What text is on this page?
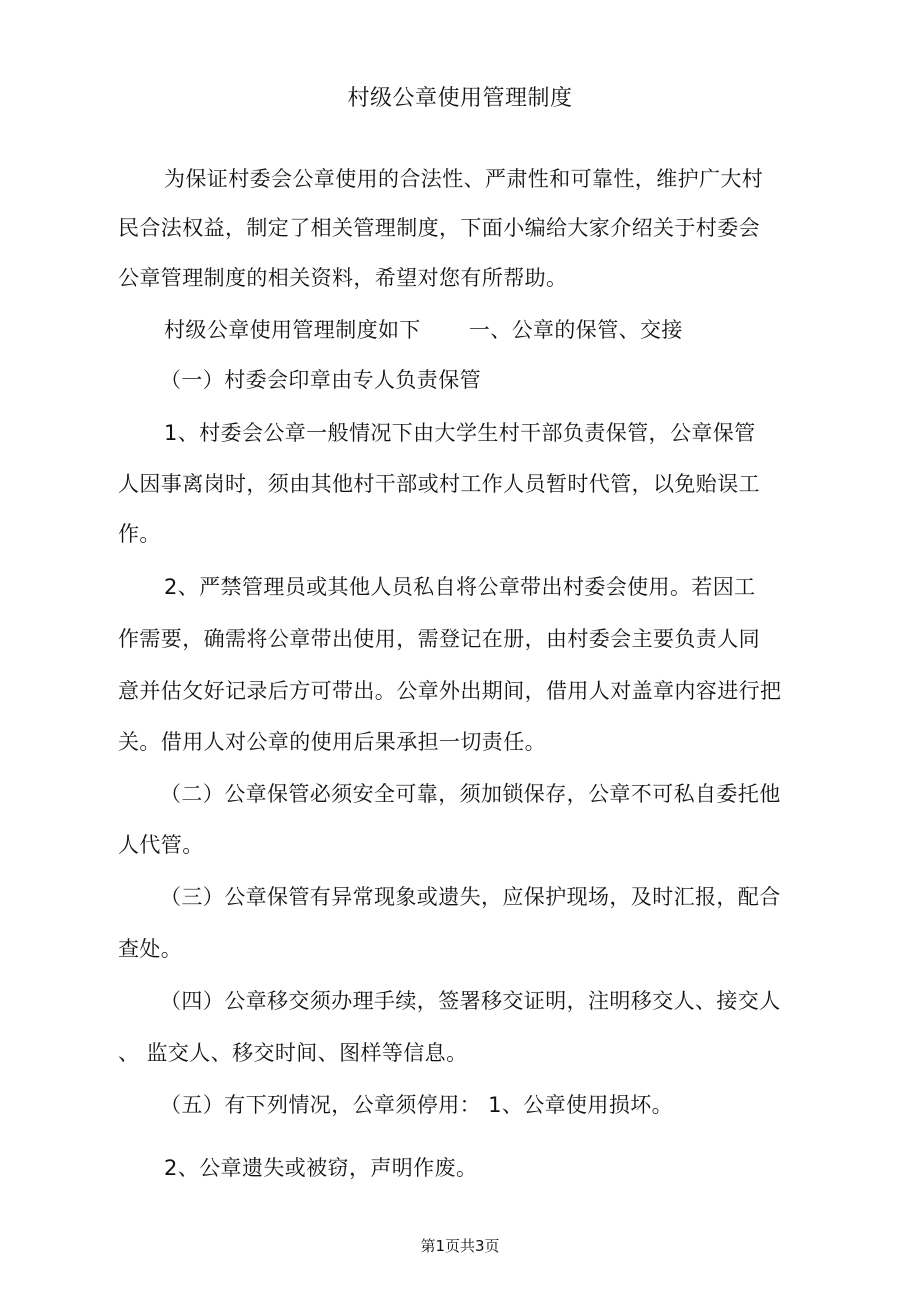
村级公章使用管理制度
为保证村委会公章使用的合法性、严肃性和可靠性，维护广大村
民合法权益，制定了相关管理制度，下面小编给大家介绍关于村委会
公章管理制度的相关资料，希望对您有所帮助。
村级公章使用管理制度如下 一、公章的保管、交接
（一）村委会印章由专人负责保管
1、村委会公章一般情况下由大学生村干部负责保管，公章保管
人因事离岗时，须由其他村干部或村工作人员暂时代管，以免贻误工
作。
2、严禁管理员或其他人员私自将公章带出村委会使用。若因工
作需要，确需将公章带出使用，需登记在册，由村委会主要负责人同
意并估攵好记录后方可带出。公章外出期间，借用人对盖章内容进行把
关。借用人对公章的使用后果承担一切责任。
（二）公章保管必须安全可靠，须加锁保存，公章不可私自委托他
人代管。
（三）公章保管有异常现象或遗失，应保护现场，及时汇报，配合
查处。
（四）公章移交须办理手续，签署移交证明，注明移交人、接交人
、 监交人、移交时间、图样等信息。
（五）有下列情况，公章须停用： 1、公章使用损坏。
2、公章遗失或被窃，声明作废。
第1页共3页
